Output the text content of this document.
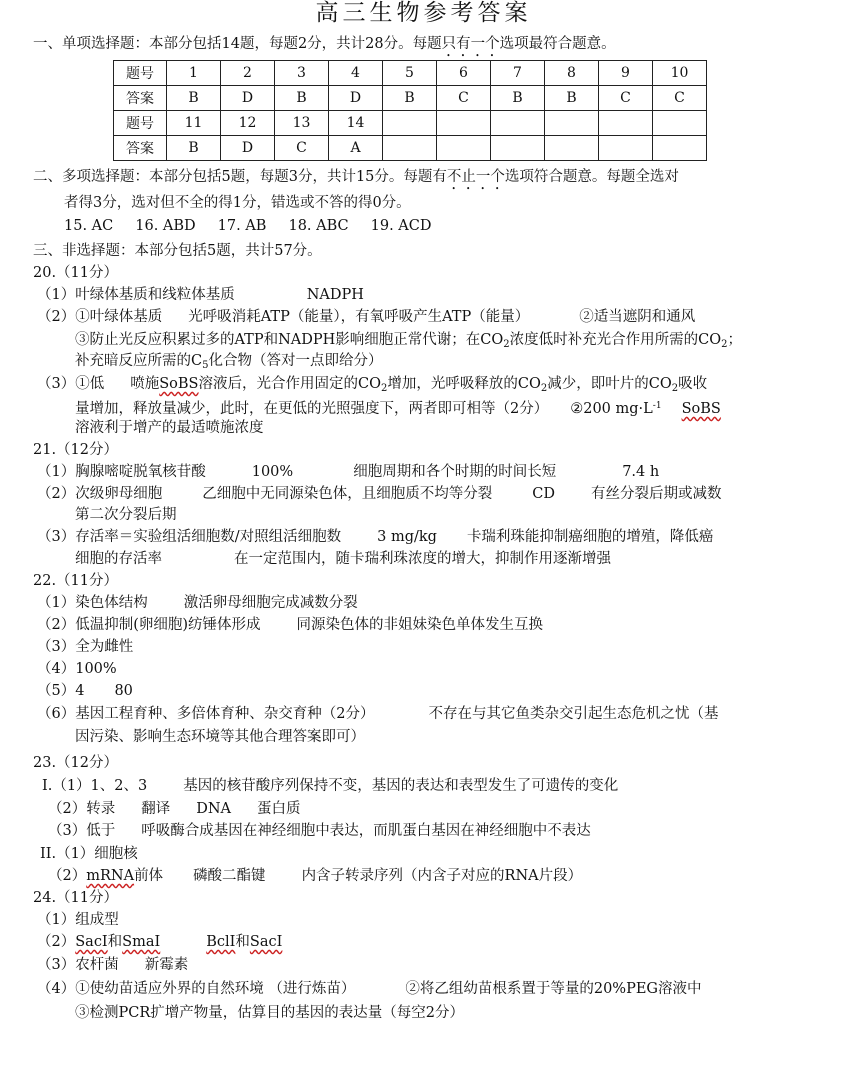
高三生物参考答案
一、单项选择题：本部分包括14题，每题2分，共计28分。每题只有一个选项最符合题意。
题号	1	2	3	4	5	6	7	8	9	10
答案	B	D	B	D	B	C	B	B	C	C
题号	11	12	13	14						
答案	B	D	C	A						
二、多项选择题：本部分包括5题，每题3分，共计15分。每题有不止一个选项符合题意。每题全选对
者得3分，选对但不全的得1分，错选或不答的得0分。
15. AC 16. ABD 17. AB 18. ABC 19. ACD
三、非选择题：本部分包括5题，共计57分。
20.（11分）
（1）叶绿体基质和线粒体基质	NADPH
（2）①叶绿体基质 光呼吸消耗ATP（能量），有氧呼吸产生ATP（能量）	②适当遮阴和通风
③防止光反应积累过多的ATP和NADPH影响细胞正常代谢；在$CO_2$浓度低时补充光合作用所需的$CO_2$；
补充暗反应所需的$C_5$化合物（答对一点即给分）
（3）①低 喷施SoBS溶液后，光合作用固定的$CO_2$增加，光呼吸释放的$CO_2$减少，即叶片的$CO_2$吸收
量增加，释放量减少，此时，在更低的光照强度下，两者即可相等（2分） ②200 $mg\cdot L^{-1}$ SoBS
溶液利于增产的最适喷施浓度
21.（12分）
（1）胸腺嘧啶脱氧核苷酸	100%	细胞周期和各个时期的时间长短	7.4 h
（2）次级卵母细胞	乙细胞中无同源染色体，且细胞质不均等分裂	CD 有丝分裂后期或减数
第二次分裂后期
（3）存活率＝实验组活细胞数/对照组活细胞数 3 mg/kg 卡瑞利珠能抑制癌细胞的增殖，降低癌
细胞的存活率	在一定范围内，随卡瑞利珠浓度的增大，抑制作用逐渐增强
22.（11分）
（1）染色体结构 激活卵母细胞完成减数分裂
（2）低温抑制(卵细胞)纺锤体形成 同源染色体的非姐妹染色单体发生互换
（3）全为雌性
（4）100%
（5）4 80
（6）基因工程育种、多倍体育种、杂交育种（2分）	不存在与其它鱼类杂交引起生态危机之忧（基
因污染、影响生态环境等其他合理答案即可）
23.（12分）
I.（1）1、2、3 基因的核苷酸序列保持不变，基因的表达和表型发生了可遗传的变化
（2）转录 翻译 DNA 蛋白质
（3）低于 呼吸酶合成基因在神经细胞中表达，而肌蛋白基因在神经细胞中不表达
II.（1）细胞核
（2）mRNA前体 磷酸二酯键 内含子转录序列（内含子对应的RNA片段）
24.（11分）
（1）组成型
（2）SacI和SmaI	BclI和SacI
（3）农杆菌 新霉素
（4）①使幼苗适应外界的自然环境 （进行炼苗）	②将乙组幼苗根系置于等量的20%PEG溶液中
③检测PCR扩增产物量，估算目的基因的表达量（每空2分）
